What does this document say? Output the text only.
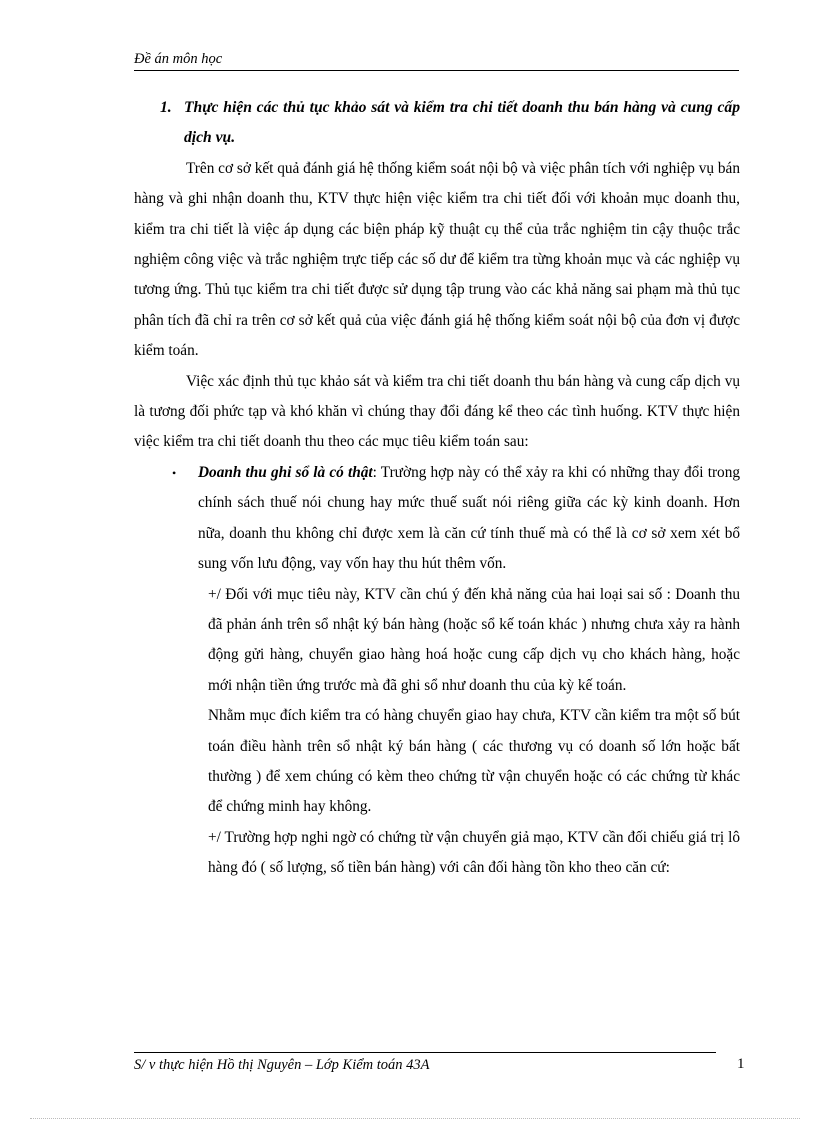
Đề án môn học
1. Thực hiện các thủ tục khảo sát và kiểm tra chi tiết doanh thu bán hàng và cung cấp dịch vụ.

Trên cơ sở kết quả đánh giá hệ thống kiểm soát nội bộ và việc phân tích với nghiệp vụ bán hàng và ghi nhận doanh thu, KTV thực hiện việc kiểm tra chi tiết đối với khoản mục doanh thu, kiểm tra chi tiết là việc áp dụng các biện pháp kỹ thuật cụ thể của trắc nghiệm tin cậy thuộc trắc nghiệm công việc và trắc nghiệm trực tiếp các số dư để kiểm tra từng khoản mục và các nghiệp vụ tương ứng. Thủ tục kiểm tra chi tiết được sử dụng tập trung vào các khả năng sai phạm mà thủ tục phân tích đã chỉ ra trên cơ sở kết quả của việc đánh giá hệ thống kiểm soát nội bộ của đơn vị được kiểm toán.

Việc xác định thủ tục khảo sát và kiểm tra chi tiết doanh thu bán hàng và cung cấp dịch vụ là tương đối phức tạp và khó khăn vì chúng thay đổi đáng kể theo các tình huống. KTV thực hiện việc kiểm tra chi tiết doanh thu theo các mục tiêu kiểm toán sau:

•	Doanh thu ghi sổ là có thật: Trường hợp này có thể xảy ra khi có những thay đổi trong chính sách thuế nói chung hay mức thuế suất nói riêng giữa các kỳ kinh doanh. Hơn nữa, doanh thu không chỉ được xem là căn cứ tính thuế mà có thể là cơ sở xem xét bổ sung vốn lưu động, vay vốn hay thu hút thêm vốn.

+/ Đối với mục tiêu này, KTV cần chú ý đến khả năng của hai loại sai số : Doanh thu đã phản ánh trên sổ nhật ký bán hàng (hoặc sổ kế toán khác ) nhưng chưa xảy ra hành động gửi hàng, chuyển giao hàng hoá hoặc cung cấp dịch vụ cho khách hàng, hoặc mới nhận tiền ứng trước mà đã ghi sổ như doanh thu của kỳ kế toán.

Nhằm mục đích kiểm tra có hàng chuyển giao hay chưa, KTV cần kiểm tra một số bút toán điều hành trên sổ nhật ký bán hàng ( các thương vụ có doanh số lớn hoặc bất thường ) để xem chúng có kèm theo chứng từ vận chuyển hoặc có các chứng từ khác để chứng minh hay không.

+/ Trường hợp nghi ngờ có chứng từ vận chuyển giả mạo, KTV cần đối chiếu giá trị lô hàng đó ( số lượng, số tiền bán hàng) với cân đối hàng tồn kho theo căn cứ:

S/ v thực hiện Hồ thị Nguyên – Lớp Kiểm toán 43A	1
